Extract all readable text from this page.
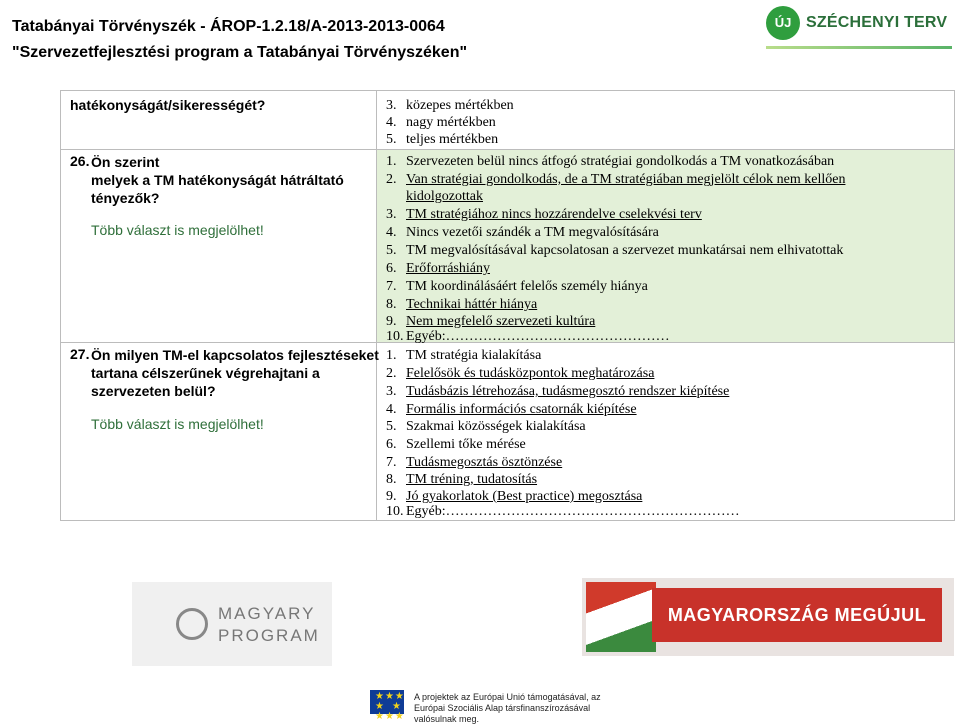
Tatabányai Törvényszék - ÁROP-1.2.18/A-2013-2013-0064
"Szervezetfejlesztési program a Tatabányai Törvényszéken"
ÚJ SZÉCHENYI TERV
hatékonyságát/sikerességét?	3. közepes mértékben
4. nagy mértékben
5. teljes mértékben
26. Ön szerint
melyek a TM hatékonyságát hátráltató
tényezők?
Több választ is megjelölhet!
1. Szervezeten belül nincs átfogó stratégiai gondolkodás a TM vonatkozásában
2. Van stratégiai gondolkodás, de a TM stratégiában megjelölt célok nem kellően
kidolgozottak
3. TM stratégiához nincs hozzárendelve cselekvési terv
4. Nincs vezetői szándék a TM megvalósítására
5. TM megvalósításával kapcsolatosan a szervezet munkatársai nem elhivatottak
6. Erőforráshiány
7. TM koordinálásáért felelős személy hiánya
8. Technikai háttér hiánya
9. Nem megfelelő szervezeti kultúra
10. Egyéb:…………………………………………
27. Ön milyen TM-el kapcsolatos fejlesztéseket
tartana célszerűnek végrehajtani a
szervezeten belül?
Több választ is megjelölhet!
1. TM stratégia kialakítása
2. Felelősök és tudásközpontok meghatározása
3. Tudásbázis létrehozása, tudásmegosztó rendszer kiépítése
4. Formális információs csatornák kiépítése
5. Szakmai közösségek kialakítása
6. Szellemi tőke mérése
7. Tudásmegosztás ösztönzése
8. TM tréning, tudatosítás
9. Jó gyakorlatok (Best practice) megosztása
10. Egyéb:………………………………………………………
MAGYARY
PROGRAM
MAGYARORSZÁG MEGÚJUL
★★★
★  ★
★★★
A projektek az Európai Unió támogatásával, az Európai Szociális Alap társfinanszírozásával valósulnak meg.
